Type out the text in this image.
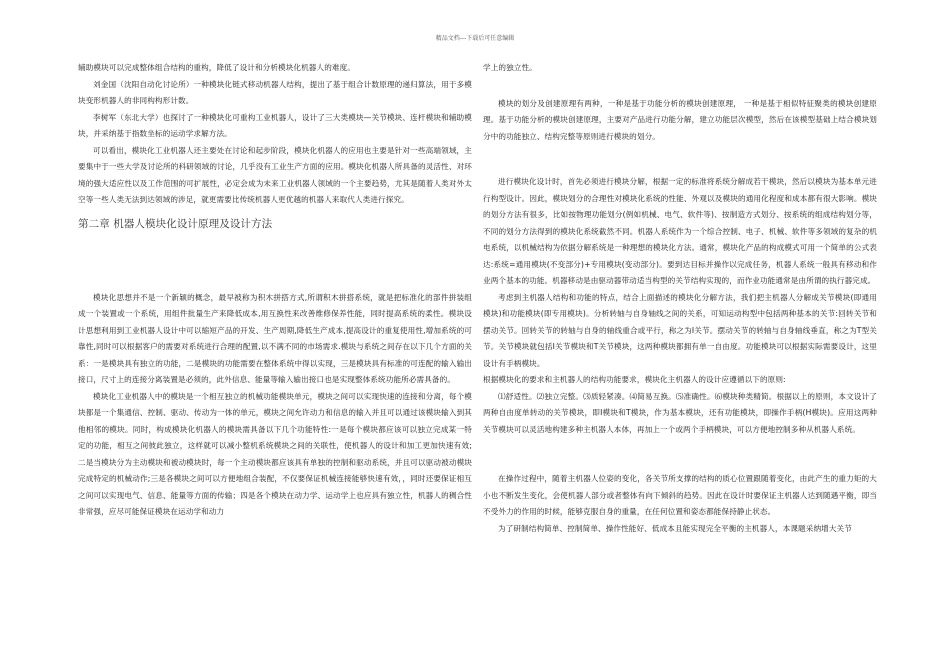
精品文档---下载后可任意编辑

辅助模块可以完成整体组合结构的重构，降低了设计和分析模块化机器人的难度。

刘金国（沈阳自动化讨论所）一种模块化链式移动机器人结构，提出了基于组合计数原理的递归算法，用于多模块变形机器人的非同构构形计数。

李树军（东北大学）也探讨了一种模块化可重构工业机器人，设计了三大类模块—关节模块、连杆模块和辅助模块，并采纳基于指数坐标的运动学求解方法。

可以看出，模块化工业机器人还主要处在讨论和起步阶段，模块化机器人的应用也主要是针对一些高端领域，主要集中于一些大学及讨论所的科研领域的讨论，几乎没有工业生产方面的应用。模块化机器人所具备的灵活性、对环境的强大适应性以及工作范围的可扩展性，必定会成为未来工业机器人领域的一个主要趋势，尤其是随着人类对外太空等一些人类无法到达领域的涉足，就更需要比传统机器人更优越的机器人来取代人类进行探究。

第二章 机器人模块化设计原理及设计方法

模块化思想并不是一个新颖的概念，最早被称为积木拼搭方式,所谓积木拼搭系统，就是把标准化的部件拼装组成一个装置或一个系统，用组件批量生产来降低成本,用互换性来改善维修保养性能，同时提高系统的柔性。模块设计思想利用到工业机器人设计中可以缩短产品的开发、生产周期,降低生产成本,提高设计的重复使用性,增加系统的可靠性,同时可以根据客户的需要对系统进行合理的配置,以不满不同的市场需求.模块与系统之间存在以下几个方面的关系：一是模块具有独立的功能，二是模块的功能需要在整体系统中得以实现，三是模块具有标准的可连配的输入输出接口，尺寸上的连接分离装置是必须的，此外信息、能量等输入输出接口也是实现整体系统功能所必需具备的。

模块化工业机器人中的模块是一个相互独立的机械功能模块单元，模块之间可以实现快速的连接和分离，每个模块都是一个集通信、控制、驱动、传动为一体的单元，模块之间允许动力和信息的输入并且可以通过该模块输入到其他相邻的模块。同时，构成模块化机器人的模块需具备以下几个功能特性:一是每个模块都应该可以独立完成某一特定的功能，相互之间彼此独立，这样就可以减小整机系统模块之间的关联性，使机器人的设计和加工更加快速有效;二是当模块分为主动模块和被动模块时，每一个主动模块都应该具有单独的控制和驱动系统，并且可以驱动被动模块完成特定的机械动作;三是各模块之间可以方便地组合装配，不仅要保证机械连接能够快速有效，，同时还要保证相互之间可以实现电气、信息、能量等方面的传输；四是各个模块在动力学、运动学上也应具有独立性，机器人的稠合性非常强，应尽可能保证模块在运动学和动力

学上的独立性。

模块的划分及创建原理有两种，一种是基于功能分析的模块创建原理， 一种是基于相似特征聚类的模块创建原理。基于功能分析的模块创建原理，主要对产品进行功能分解，建立功能层次模型，然后在该模型基础上结合模块划分中的功能独立、结构完整等原则进行模块的划分。

进行模块化设计时，首先必须进行模块分解，根据一定的标准将系统分解成若干模块，然后以模块为基本单元进行构型设计。因此，模块划分的合理性对模块化系统的性能、外观以及模块的通用化程度和成本都有很大影响。模块的划分方法有很多，比如按物理功能划分(例如机械、电气、软件等)、按制造方式划分、按系统的组成结构划分等，不同的划分方法得到的模块化系统截然不同。机器人系统作为一个综合控制、电子、机械、软件等多领域的复杂的机电系统，以机械结构为依据分解系统是一种理想的模块化方法。通常，模块化产品的构成模式可用一个简单的公式表达:系统=通用模块(不变部分)+专用模块(变动部分)。要到达目标并操作以完成任务，机器人系统一般具有移动和作业两个基本的功能。机器移动是由驱动器带动适当构型的关节结构实现的，而作业功能通常是由所谓的执行器完成。

考虑到主机器人结构和功能的特点，结合上面描述的模块化分解方法，我们把主机器人分解成关节模块(即通用模块)和功能模块(即专用模块)。分析转轴与自身轴线之间的关系，可知运动构型中包括两种基本的关节:回转关节和摆动关节。回转关节的转轴与自身的轴线重合或平行，称之为I关节。摆动关节的转轴与自身轴线垂直，称之为T型关节。关节模块就包括I关节模块和T关节模块，这两种模块都拥有单一自由度。功能模块可以根据实际需要设计，这里设计有手柄模块。

根据模块化的要求和主机器人的结构功能要求，模块化主机器人的设计应遵循以下的原则:

⑴舒适性。⑵独立完整。⑶质轻紧凑。⑷简易互换。⑸准确性。⑹模块种类精简。根据以上的原则，本文设计了两种自由度单转动的关节模块，即I模块和T模块，作为基本模块，还有功能模块，即操作手柄(H模块)。应用这两种关节模块可以灵活地构建多种主机器人本体，再加上一个或两个手柄模块，可以方便地控制多种从机器人系统。

在操作过程中，随着主机器人位姿的变化，各关节所支撑的结构的质心位置跟随着变化，由此产生的重力矩的大小也不断发生变化，会使机器人部分或者整体有向下倾斜的趋势。因此在设计时要保证主机器人达到随遇平衡，即当不受外力的作用的时候，能够克服自身的重量，在任何位置和姿态都能保持静止状态。

为了研制结构简单、控制简单、操作性能好、低成本且能实现完全平衡的主机器人，本课题采纳增大关节
